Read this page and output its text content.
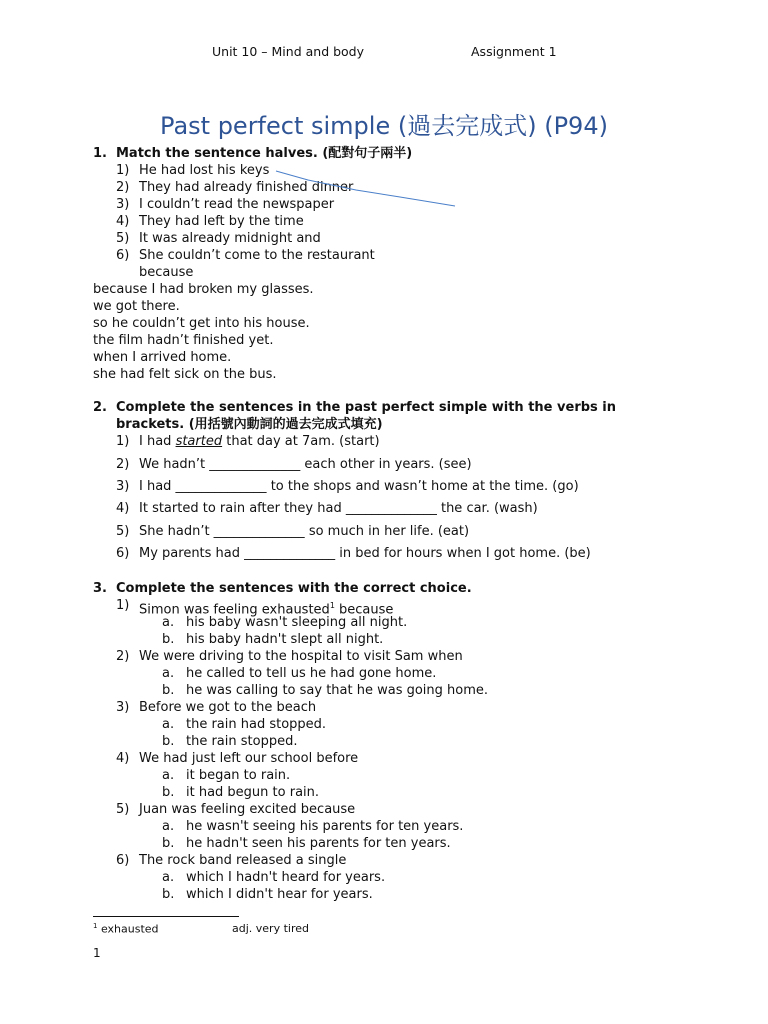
Unit 10 – Mind and body	Assignment 1
Past perfect simple (過去完成式) (P94)
1. Match the sentence halves. (配對句子兩半)
1) He had lost his keys
2) They had already finished dinner
3) I couldn’t read the newspaper
4) They had left by the time
5) It was already midnight and
6) She couldn’t come to the restaurant
because
because I had broken my glasses.
we got there.
so he couldn’t get into his house.
the film hadn’t finished yet.
when I arrived home.
she had felt sick on the bus.
2. Complete the sentences in the past perfect simple with the verbs in
brackets. (用括號內動詞的過去完成式填充)
1) I had started that day at 7am. (start)
2) We hadn’t ______________ each other in years. (see)
3) I had ______________ to the shops and wasn’t home at the time. (go)
4) It started to rain after they had ______________ the car. (wash)
5) She hadn’t ______________ so much in her life. (eat)
6) My parents had ______________ in bed for hours when I got home. (be)
3. Complete the sentences with the correct choice.
1) Simon was feeling exhausted$^1$ because
a. his baby wasn't sleeping all night.
b. his baby hadn't slept all night.
2) We were driving to the hospital to visit Sam when
a. he called to tell us he had gone home.
b. he was calling to say that he was going home.
3) Before we got to the beach
a. the rain had stopped.
b. the rain stopped.
4) We had just left our school before
a. it began to rain.
b. it had begun to rain.
5) Juan was feeling excited because
a. he wasn't seeing his parents for ten years.
b. he hadn't seen his parents for ten years.
6) The rock band released a single
a. which I hadn't heard for years.
b. which I didn't hear for years.
$^1$ exhausted	adj. very tired
1
